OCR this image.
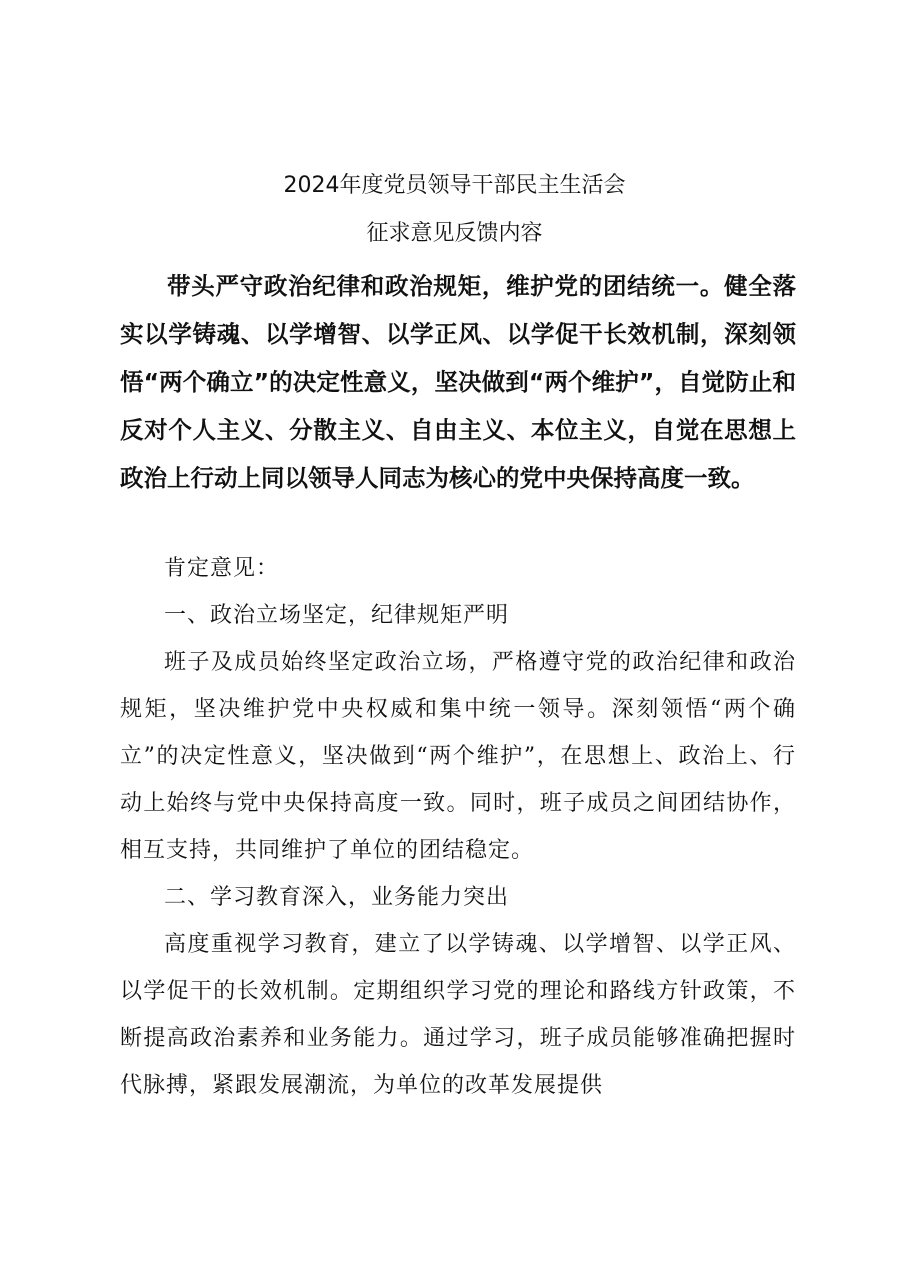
2024年度党员领导干部民主生活会
征求意见反馈内容

带头严守政治纪律和政治规矩，维护党的团结统一。健全落实以学铸魂、以学增智、以学正风、以学促干长效机制，深刻领悟“两个确立”的决定性意义，坚决做到“两个维护”，自觉防止和反对个人主义、分散主义、自由主义、本位主义，自觉在思想上政治上行动上同以领导人同志为核心的党中央保持高度一致。

肯定意见：

一、政治立场坚定，纪律规矩严明

班子及成员始终坚定政治立场，严格遵守党的政治纪律和政治规矩，坚决维护党中央权威和集中统一领导。深刻领悟“两个确立”的决定性意义，坚决做到“两个维护”，在思想上、政治上、行动上始终与党中央保持高度一致。同时，班子成员之间团结协作，相互支持，共同维护了单位的团结稳定。

二、学习教育深入，业务能力突出

高度重视学习教育，建立了以学铸魂、以学增智、以学正风、以学促干的长效机制。定期组织学习党的理论和路线方针政策，不断提高政治素养和业务能力。通过学习，班子成员能够准确把握时代脉搏，紧跟发展潮流，为单位的改革发展提供
